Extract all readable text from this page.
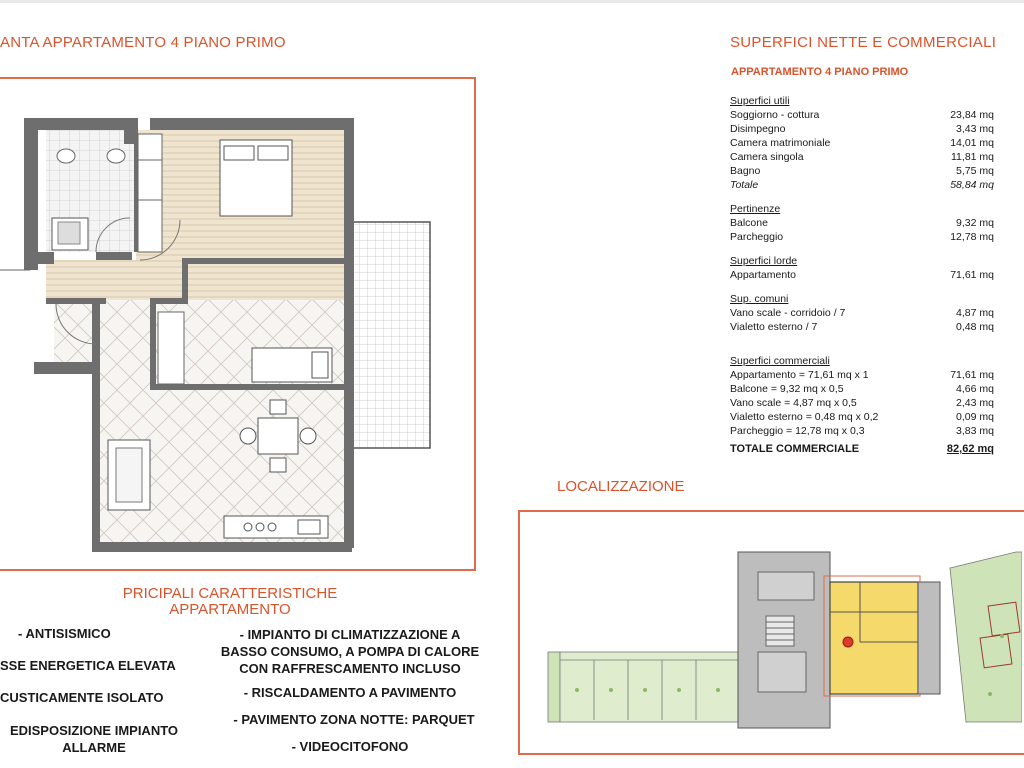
ANTA APPARTAMENTO 4 PIANO PRIMO	SUPERFICI NETTE E COMMERCIALI
APPARTAMENTO 4 PIANO PRIMO
Superfici utili	
Soggiorno - cottura	23,84 mq
Disimpegno	3,43 mq
Camera matrimoniale	14,01 mq
Camera singola	11,81 mq
Bagno	5,75 mq
Totale	58,84 mq

Pertinenze	
Balcone	9,32 mq
Parcheggio	12,78 mq

Superfici lorde	
Appartamento	71,61 mq

Sup. comuni	
Vano scale - corridoio / 7	4,87 mq
Vialetto esterno / 7	0,48 mq

Superfici commerciali	
Appartamento = 71,61 mq x 1	71,61 mq
Balcone = 9,32 mq x 0,5	4,66 mq
Vano scale = 4,87 mq x 0,5	2,43 mq
Vialetto esterno = 0,48 mq x 0,2	0,09 mq
Parcheggio = 12,78 mq x 0,3	3,83 mq
TOTALE COMMERCIALE	82,62 mq
LOCALIZZAZIONE
PRICIPALI CARATTERISTICHE
APPARTAMENTO
- ANTISISMICO
SSE ENERGETICA ELEVATA
CUSTICAMENTE ISOLATO
EDISPOSIZIONE IMPIANTO
ALLARME
- IMPIANTO DI CLIMATIZZAZIONE A
BASSO CONSUMO, A POMPA DI CALORE
CON RAFFRESCAMENTO INCLUSO
- RISCALDAMENTO A PAVIMENTO
- PAVIMENTO ZONA NOTTE: PARQUET
- VIDEOCITOFONO
